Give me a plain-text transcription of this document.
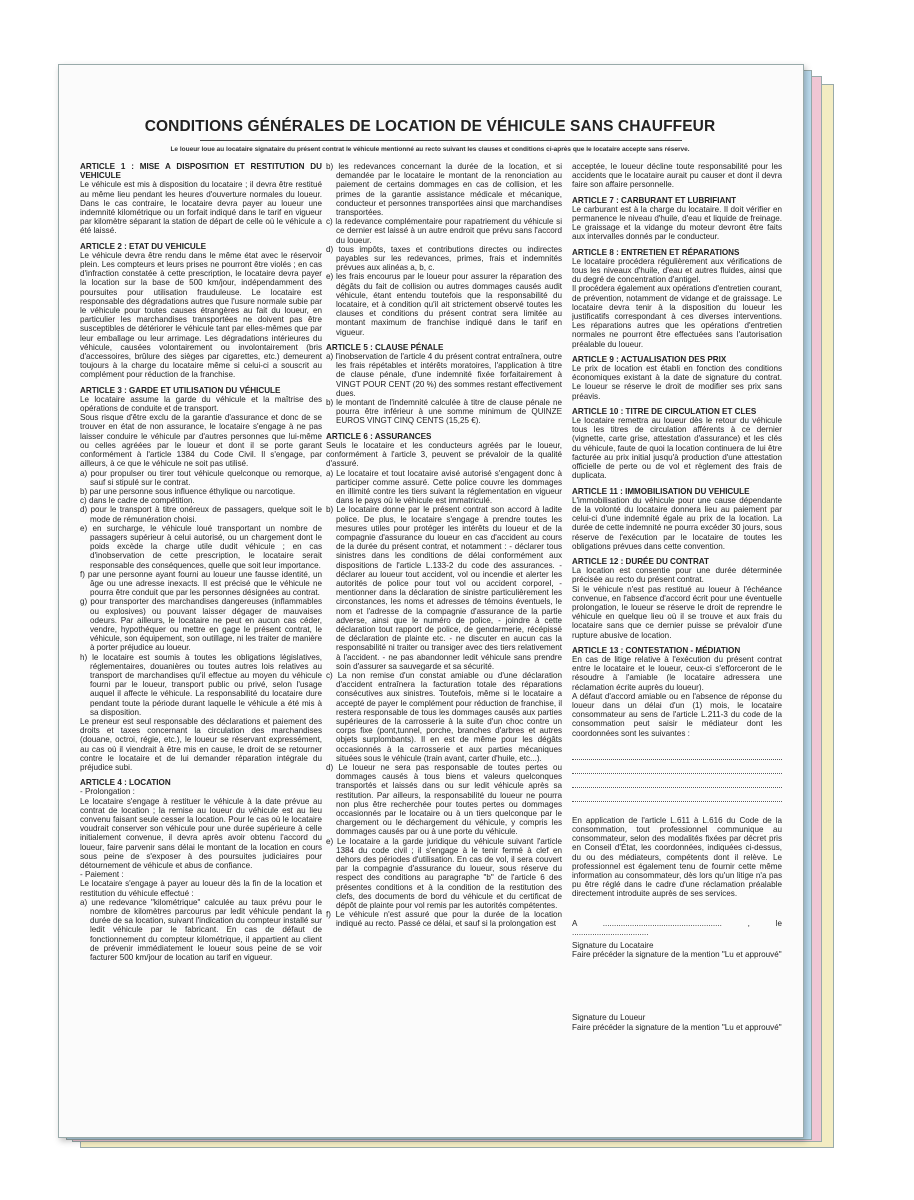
CONDITIONS GÉNÉRALES DE LOCATION DE VÉHICULE SANS CHAUFFEUR
Le loueur loue au locataire signataire du présent contrat le véhicule mentionné au recto suivant les clauses et conditions ci-après que le locataire accepte sans réserve.
ARTICLE 1 : MISE A DISPOSITION ET RESTITUTION DU VEHICULE

Le véhicule est mis à disposition du locataire ; il devra être restitué au même lieu pendant les heures d'ouverture normales du loueur. Dans le cas contraire, le locataire devra payer au loueur une indemnité kilométrique ou un forfait indiqué dans le tarif en vigueur par kilomètre séparant la station de départ de celle où le véhicule a été laissé.

ARTICLE 2 : ETAT DU VEHICULE

Le véhicule devra être rendu dans le même état avec le réservoir plein. Les compteurs et leurs prises ne pourront être violés ; en cas d'infraction constatée à cette prescription, le locataire devra payer la location sur la base de 500 km/jour, indépendamment des poursuites pour utilisation frauduleuse. Le locataire est responsable des dégradations autres que l'usure normale subie par le véhicule pour toutes causes étrangères au fait du loueur, en particulier les marchandises transportées ne doivent pas être susceptibles de détériorer le véhicule tant par elles-mêmes que par leur emballage ou leur arrimage. Les dégradations intérieures du véhicule, causées volontairement ou involontairement (bris d'accessoires, brûlure des sièges par cigarettes, etc.) demeurent toujours à la charge du locataire même si celui-ci a souscrit au complément pour réduction de la franchise.

ARTICLE 3 : GARDE ET UTILISATION DU VÉHICULE

Le locataire assume la garde du véhicule et la maîtrise des opérations de conduite et de transport.

Sous risque d'être exclu de la garantie d'assurance et donc de se trouver en état de non assurance, le locataire s'engage à ne pas laisser conduire le véhicule par d'autres personnes que lui-même ou celles agréées par le loueur et dont il se porte garant conformément à l'article 1384 du Code Civil. Il s'engage, par ailleurs, à ce que le véhicule ne soit pas utilisé.

a) pour propulser ou tirer tout véhicule quelconque ou remorque, sauf si stipulé sur le contrat.

b) par une personne sous influence éthylique ou narcotique.

c) dans le cadre de compétition.

d) pour le transport à titre onéreux de passagers, quelque soit le mode de rémunération choisi.

e) en surcharge, le véhicule loué transportant un nombre de passagers supérieur à celui autorisé, ou un chargement dont le poids excède la charge utile dudit véhicule ; en cas d'inobservation de cette prescription, le locataire serait responsable des conséquences, quelle que soit leur importance.

f) par une personne ayant fourni au loueur une fausse identité, un âge ou une adresse inexacts. Il est précisé que le véhicule ne pourra être conduit que par les personnes désignées au contrat.

g) pour transporter des marchandises dangereuses (inflammables ou explosives) ou pouvant laisser dégager de mauvaises odeurs. Par ailleurs, le locataire ne peut en aucun cas céder, vendre, hypothéquer ou mettre en gage le présent contrat, le véhicule, son équipement, son outillage, ni les traiter de manière à porter préjudice au loueur.

h) le locataire est soumis à toutes les obligations législatives, réglementaires, douanières ou toutes autres lois relatives au transport de marchandises qu'il effectue au moyen du véhicule fourni par le loueur, transport public ou privé, selon l'usage auquel il affecte le véhicule. La responsabilité du locataire dure pendant toute la période durant laquelle le véhicule a été mis à sa disposition.

Le preneur est seul responsable des déclarations et paiement des droits et taxes concernant la circulation des marchandises (douane, octroi, régie, etc.), le loueur se réservant expressément, au cas où il viendrait à être mis en cause, le droit de se retourner contre le locataire et de lui demander réparation intégrale du préjudice subi.

ARTICLE 4 : LOCATION

- Prolongation :

Le locataire s'engage à restituer le véhicule à la date prévue au contrat de location ; la remise au loueur du véhicule est au lieu convenu faisant seule cesser la location. Pour le cas où le locataire voudrait conserver son véhicule pour une durée supérieure à celle initialement convenue, il devra après avoir obtenu l'accord du loueur, faire parvenir sans délai le montant de la location en cours sous peine de s'exposer à des poursuites judiciaires pour détournement de véhicule et abus de confiance.

- Paiement :

Le locataire s'engage à payer au loueur dès la fin de la location et restitution du véhicule effectué :

a) une redevance "kilométrique" calculée au taux prévu pour le nombre de kilomètres parcourus par ledit véhicule pendant la durée de sa location, suivant l'indication du compteur installé sur ledit véhicule par le fabricant. En cas de défaut de fonctionnement du compteur kilométrique, il appartient au client de prévenir immédiatement le loueur sous peine de se voir facturer 500 km/jour de location au tarif en vigueur.

b) les redevances concernant la durée de la location, et si demandée par le locataire le montant de la renonciation au paiement de certains dommages en cas de collision, et les primes de la garantie assistance médicale et mécanique, conducteur et personnes transportées ainsi que marchandises transportées.

c) la redevance complémentaire pour rapatriement du véhicule si ce dernier est laissé à un autre endroit que prévu sans l'accord du loueur.

d) tous impôts, taxes et contributions directes ou indirectes payables sur les redevances, primes, frais et indemnités prévues aux alinéas a, b, c.

e) les frais encourus par le loueur pour assurer la réparation des dégâts du fait de collision ou autres dommages causés audit véhicule, étant entendu toutefois que la responsabilité du locataire, et à condition qu'il ait strictement observé toutes les clauses et conditions du présent contrat sera limitée au montant maximum de franchise indiqué dans le tarif en vigueur.

ARTICLE 5 : CLAUSE PÉNALE

a) l'inobservation de l'article 4 du présent contrat entraînera, outre les frais répétables et intérêts moratoires, l'application à titre de clause pénale, d'une indemnité fixée forfaitairement à VINGT POUR CENT (20 %) des sommes restant effectivement dues.

b) le montant de l'indemnité calculée à titre de clause pénale ne pourra être inférieur à une somme minimum de QUINZE EUROS VINGT CINQ CENTS (15,25 €).

ARTICLE 6 : ASSURANCES

Seuls le locataire et les conducteurs agréés par le loueur, conformément à l'article 3, peuvent se prévaloir de la qualité d'assuré.

a) Le locataire et tout locataire avisé autorisé s'engagent donc à participer comme assuré. Cette police couvre les dommages en illimité contre les tiers suivant la réglementation en vigueur dans le pays où le véhicule est immatriculé.

b) Le locataire donne par le présent contrat son accord à ladite police. De plus, le locataire s'engage à prendre toutes les mesures utiles pour protéger les intérêts du loueur et de la compagnie d'assurance du loueur en cas d'accident au cours de la durée du présent contrat, et notamment : - déclarer tous sinistres dans les conditions de délai conformément aux dispositions de l'article L.133-2 du code des assurances. - déclarer au loueur tout accident, vol ou incendie et alerter les autorités de police pour tout vol ou accident corporel, - mentionner dans la déclaration de sinistre particulièrement les circonstances, les noms et adresses de témoins éventuels, le nom et l'adresse de la compagnie d'assurance de la partie adverse, ainsi que le numéro de police, - joindre à cette déclaration tout rapport de police, de gendarmerie, récépissé de déclaration de plainte etc. - ne discuter en aucun cas la responsabilité ni traiter ou transiger avec des tiers relativement à l'accident. - ne pas abandonner ledit véhicule sans prendre soin d'assurer sa sauvegarde et sa sécurité.

c) La non remise d'un constat amiable ou d'une déclaration d'accident entraînera la facturation totale des réparations consécutives aux sinistres. Toutefois, même si le locataire a accepté de payer le complément pour réduction de franchise, il restera responsable de tous les dommages causés aux parties supérieures de la carrosserie à la suite d'un choc contre un corps fixe (pont,tunnel, porche, branches d'arbres et autres objets surplombants). Il en est de même pour les dégâts occasionnés à la carrosserie et aux parties mécaniques situées sous le véhicule (train avant, carter d'huile, etc...).

d) Le loueur ne sera pas responsable de toutes pertes ou dommages causés à tous biens et valeurs quelconques transportés et laissés dans ou sur ledit véhicule après sa restitution. Par ailleurs, la responsabilité du loueur ne pourra non plus être recherchée pour toutes pertes ou dommages occasionnés par le locataire ou à un tiers quelconque par le chargement ou le déchargement du véhicule, y compris les dommages causés par ou à une porte du véhicule.

e) Le locataire a la garde juridique du véhicule suivant l'article 1384 du code civil ; il s'engage à le tenir fermé à clef en dehors des périodes d'utilisation. En cas de vol, il sera couvert par la compagnie d'assurance du loueur, sous réserve du respect des conditions au paragraphe "b" de l'article 6 des présentes conditions et à la condition de la restitution des clefs, des documents de bord du véhicule et du certificat de dépôt de plainte pour vol remis par les autorités compétentes.

f) Le véhicule n'est assuré que pour la durée de la location indiqué au recto. Passé ce délai, et sauf si la prolongation est

acceptée, le loueur décline toute responsabilité pour les accidents que le locataire aurait pu causer et dont il devra faire son affaire personnelle.

ARTICLE 7 : CARBURANT ET LUBRIFIANT

Le carburant est à la charge du locataire. Il doit vérifier en permanence le niveau d'huile, d'eau et liquide de freinage. Le graissage et la vidange du moteur devront être faits aux intervalles donnés par le conducteur.

ARTICLE 8 : ENTRETIEN ET RÉPARATIONS

Le locataire procédera régulièrement aux vérifications de tous les niveaux d'huile, d'eau et autres fluides, ainsi que du degré de concentration d'antigel.

Il procédera également aux opérations d'entretien courant, de prévention, notamment de vidange et de graissage. Le locataire devra tenir à la disposition du loueur les justificatifs correspondant à ces diverses interventions. Les réparations autres que les opérations d'entretien normales ne pourront être effectuées sans l'autorisation préalable du loueur.

ARTICLE 9 : ACTUALISATION DES PRIX

Le prix de location est établi en fonction des conditions économiques existant à la date de signature du contrat. Le loueur se réserve le droit de modifier ses prix sans préavis.

ARTICLE 10 : TITRE DE CIRCULATION ET CLES

Le locataire remettra au loueur dès le retour du véhicule tous les titres de circulation afférents à ce dernier (vignette, carte grise, attestation d'assurance) et les clés du véhicule, faute de quoi la location continuera de lui être facturée au prix initial jusqu'à production d'une attestation officielle de perte ou de vol et règlement des frais de duplicata.

ARTICLE 11 : IMMOBILISATION DU VEHICULE

L'immobilisation du véhicule pour une cause dépendante de la volonté du locataire donnera lieu au paiement par celui-ci d'une indemnité égale au prix de la location. La durée de cette indemnité ne pourra excéder 30 jours, sous réserve de l'exécution par le locataire de toutes les obligations prévues dans cette convention.

ARTICLE 12 : DURÉE DU CONTRAT

La location est consentie pour une durée déterminée précisée au recto du présent contrat.

Si le véhicule n'est pas restitué au loueur à l'échéance convenue, en l'absence d'accord écrit pour une éventuelle prolongation, le loueur se réserve le droit de reprendre le véhicule en quelque lieu où il se trouve et aux frais du locataire sans que ce dernier puisse se prévaloir d'une rupture abusive de location.

ARTICLE 13 : CONTESTATION - MÉDIATION

En cas de litige relative à l'exécution du présent contrat entre le locataire et le loueur, ceux-ci s'efforceront de le résoudre à l'amiable (le locataire adressera une réclamation écrite auprès du loueur).

A défaut d'accord amiable ou en l'absence de réponse du loueur dans un délai d'un (1) mois, le locataire consommateur au sens de l'article L.211-3 du code de la consommation peut saisir le médiateur dont les coordonnées sont les suivantes :

En application de l'article L.611 à L.616 du Code de la consommation, tout professionnel communique au consommateur, selon des modalités fixées par décret pris en Conseil d'État, les coordonnées, indiquées ci-dessus, du ou des médiateurs, compétents dont il relève. Le professionnel est également tenu de fournir cette même information au consommateur, dès lors qu'un litige n'a pas pu être réglé dans le cadre d'une réclamation préalable directement introduite auprès de ses services.

A ..................................................... , le ..................................
Signature du Locataire
Faire précéder la signature de la mention "Lu et approuvé"
Signature du Loueur
Faire précéder la signature de la mention "Lu et approuvé"
